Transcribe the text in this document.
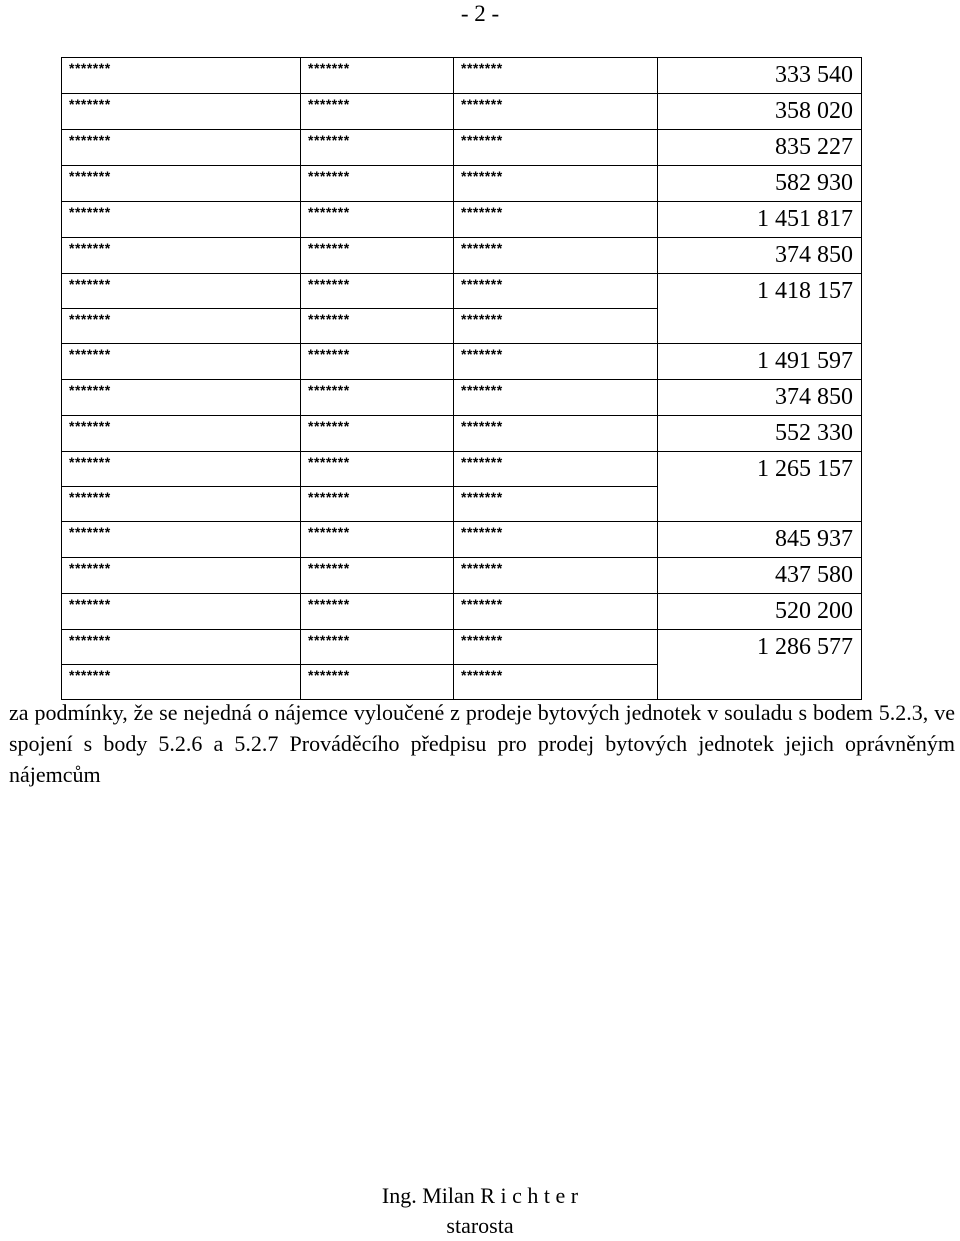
- 2 -
*******	*******	*******	333 540
*******	*******	*******	358 020
*******	*******	*******	835 227
*******	*******	*******	582 930
*******	*******	*******	1 451 817
*******	*******	*******	374 850
*******	*******	*******	1 418 157
*******	*******	*******	
*******	*******	*******	1 491 597
*******	*******	*******	374 850
*******	*******	*******	552 330
*******	*******	*******	1 265 157
*******	*******	*******	
*******	*******	*******	845 937
*******	*******	*******	437 580
*******	*******	*******	520 200
*******	*******	*******	1 286 577
*******	*******	*******	
za podmínky, že se nejedná o nájemce vyloučené z prodeje bytových jednotek v souladu s bodem 5.2.3, ve spojení s body 5.2.6 a 5.2.7 Prováděcího předpisu pro prodej bytových jednotek jejich oprávněným nájemcům
Ing. Milan R i c h t e r
starosta
